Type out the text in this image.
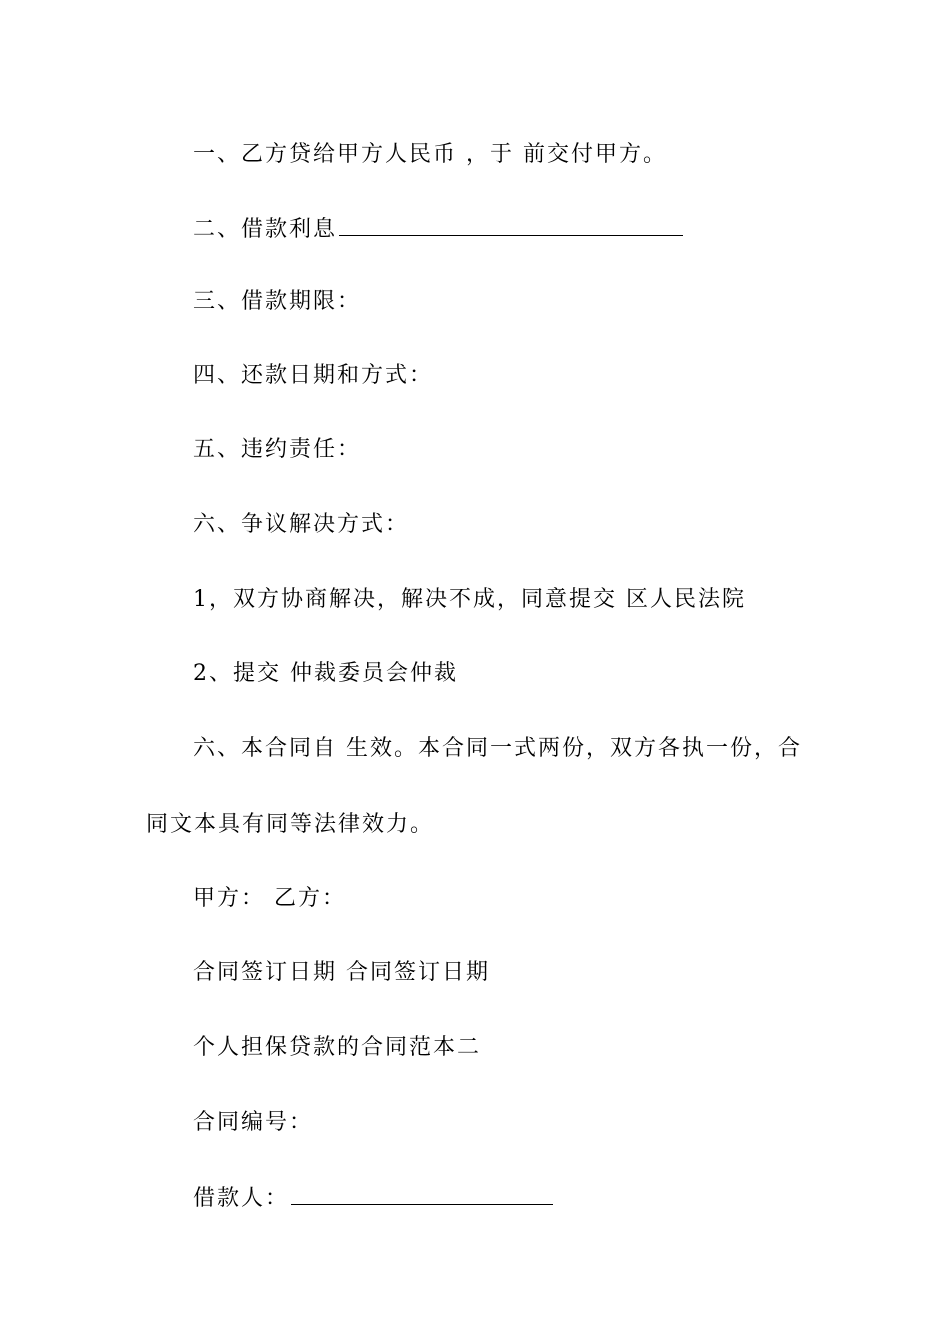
一、乙方贷给甲方人民币 ，于 前交付甲方。
二、借款利息
三、借款期限：
四、还款日期和方式：
五、违约责任：
六、争议解决方式：
1，双方协商解决，解决不成，同意提交 区人民法院
2、提交 仲裁委员会仲裁
六、本合同自 生效。本合同一式两份，双方各执一份，合
同文本具有同等法律效力。
甲方： 乙方：
合同签订日期 合同签订日期
个人担保贷款的合同范本二
合同编号：
借款人：
